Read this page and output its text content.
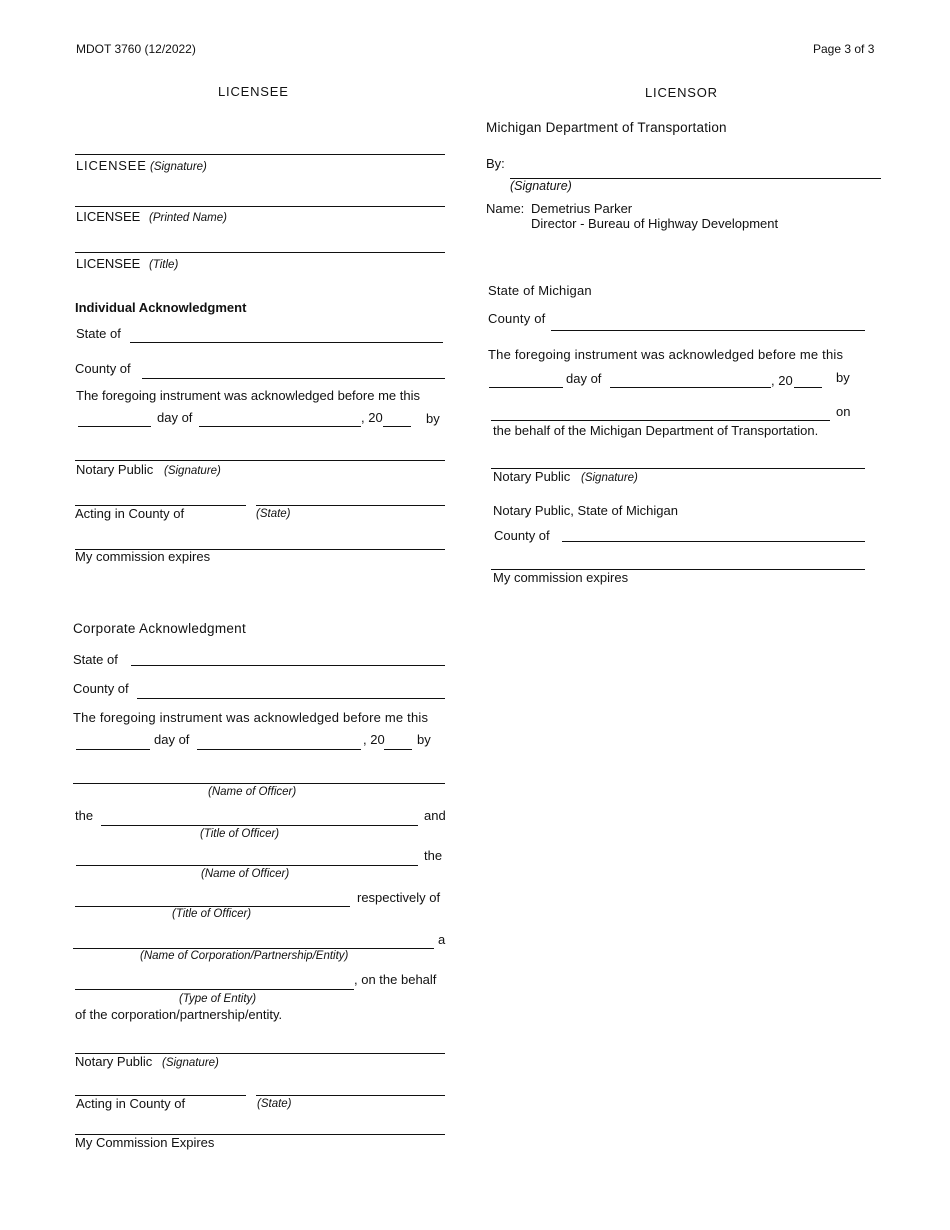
MDOT 3760 (12/2022)	Page 3 of 3
LICENSEE
LICENSEE (Signature)
LICENSEE (Printed Name)
LICENSEE (Title)
Individual Acknowledgment
State of
County of
The foregoing instrument was acknowledged before me this
day of	, 20	by
Notary Public (Signature)
Acting in County of	(State)
My commission expires
Corporate Acknowledgment
State of
County of
The foregoing instrument was acknowledged before me this
day of	, 20 by
(Name of Officer)
the	and
(Title of Officer)
the
(Name of Officer)
respectively of
(Title of Officer)
a
(Name of Corporation/Partnership/Entity)
, on the behalf
(Type of Entity)
of the corporation/partnership/entity.
Notary Public (Signature)
Acting in County of	(State)
My Commission Expires
LICENSOR
Michigan Department of Transportation
By:
(Signature)
Name: Demetrius Parker
Director - Bureau of Highway Development
State of Michigan
County of
The foregoing instrument was acknowledged before me this
day of	, 20	by
on
the behalf of the Michigan Department of Transportation.
Notary Public (Signature)
Notary Public, State of Michigan
County of
My commission expires
